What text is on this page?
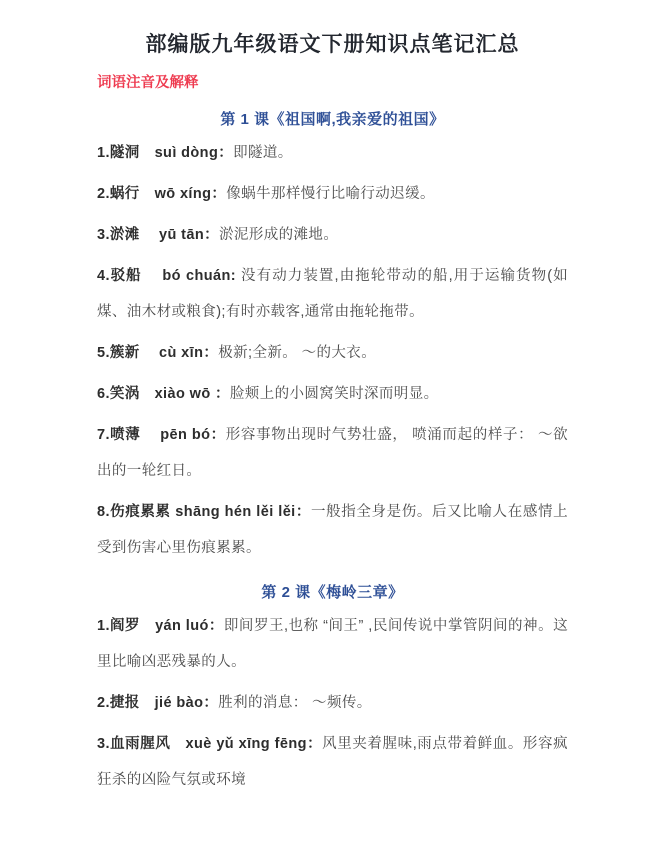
部编版九年级语文下册知识点笔记汇总
词语注音及解释
第 1 课《祖国啊,我亲爱的祖国》

1.隧洞　suì dòng：即隧道。

2.蜗行　wō xíng：像蜗牛那样慢行比喻行动迟缓。

3.淤滩　 yū tān：淤泥形成的滩地。

4.驳船　 bó chuán: 没有动力装置,由拖轮带动的船,用于运输货物(如煤、油木材或粮食);有时亦载客,通常由拖轮拖带。

5.簇新　 cù xīn：极新;全新。 ～的大衣。

6.笑涡　xiào wō ：脸颊上的小圆窝笑时深而明显。

7.喷薄　 pēn bó：形容事物出现时气势壮盛， 喷涌而起的样子： ～欲出的一轮红日。

8.伤痕累累 shāng hén lěi lěi：一般指全身是伤。后又比喻人在感情上受到伤害心里伤痕累累。

第 2 课《梅岭三章》

1.阎罗　yán luó：即间罗王,也称 “间王” ,民间传说中掌管阴间的神。这里比喻凶恶残暴的人。

2.捷报　jié bào：胜利的消息： ～频传。

3.血雨腥风　xuè yǔ xīng fēng：风里夹着腥味,雨点带着鲜血。形容疯狂杀的凶险气氛或环境
